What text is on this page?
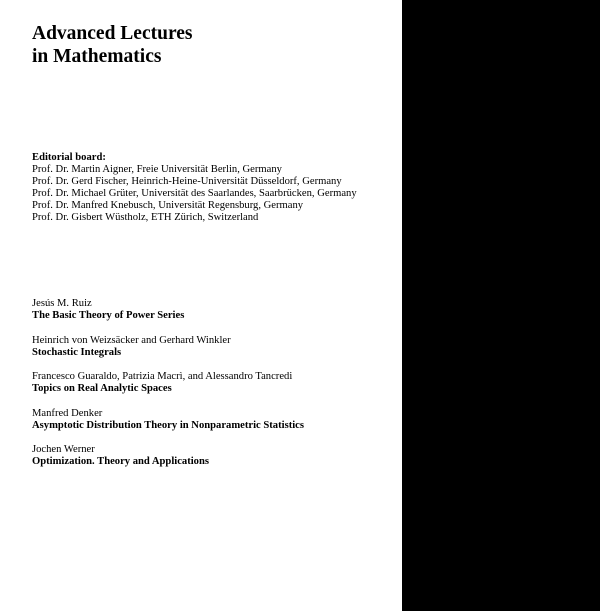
Advanced Lectures
in Mathematics
Editorial board:
Prof. Dr. Martin Aigner, Freie Universität Berlin, Germany
Prof. Dr. Gerd Fischer, Heinrich-Heine-Universität Düsseldorf, Germany
Prof. Dr. Michael Grüter, Universität des Saarlandes, Saarbrücken, Germany
Prof. Dr. Manfred Knebusch, Universität Regensburg, Germany
Prof. Dr. Gisbert Wüstholz, ETH Zürich, Switzerland
Jesús M. Ruiz
The Basic Theory of Power Series
Heinrich von Weizsäcker and Gerhard Winkler
Stochastic Integrals
Francesco Guaraldo, Patrizia Macrì, and Alessandro Tancredi
Topics on Real Analytic Spaces
Manfred Denker
Asymptotic Distribution Theory in Nonparametric Statistics
Jochen Werner
Optimization. Theory and Applications
